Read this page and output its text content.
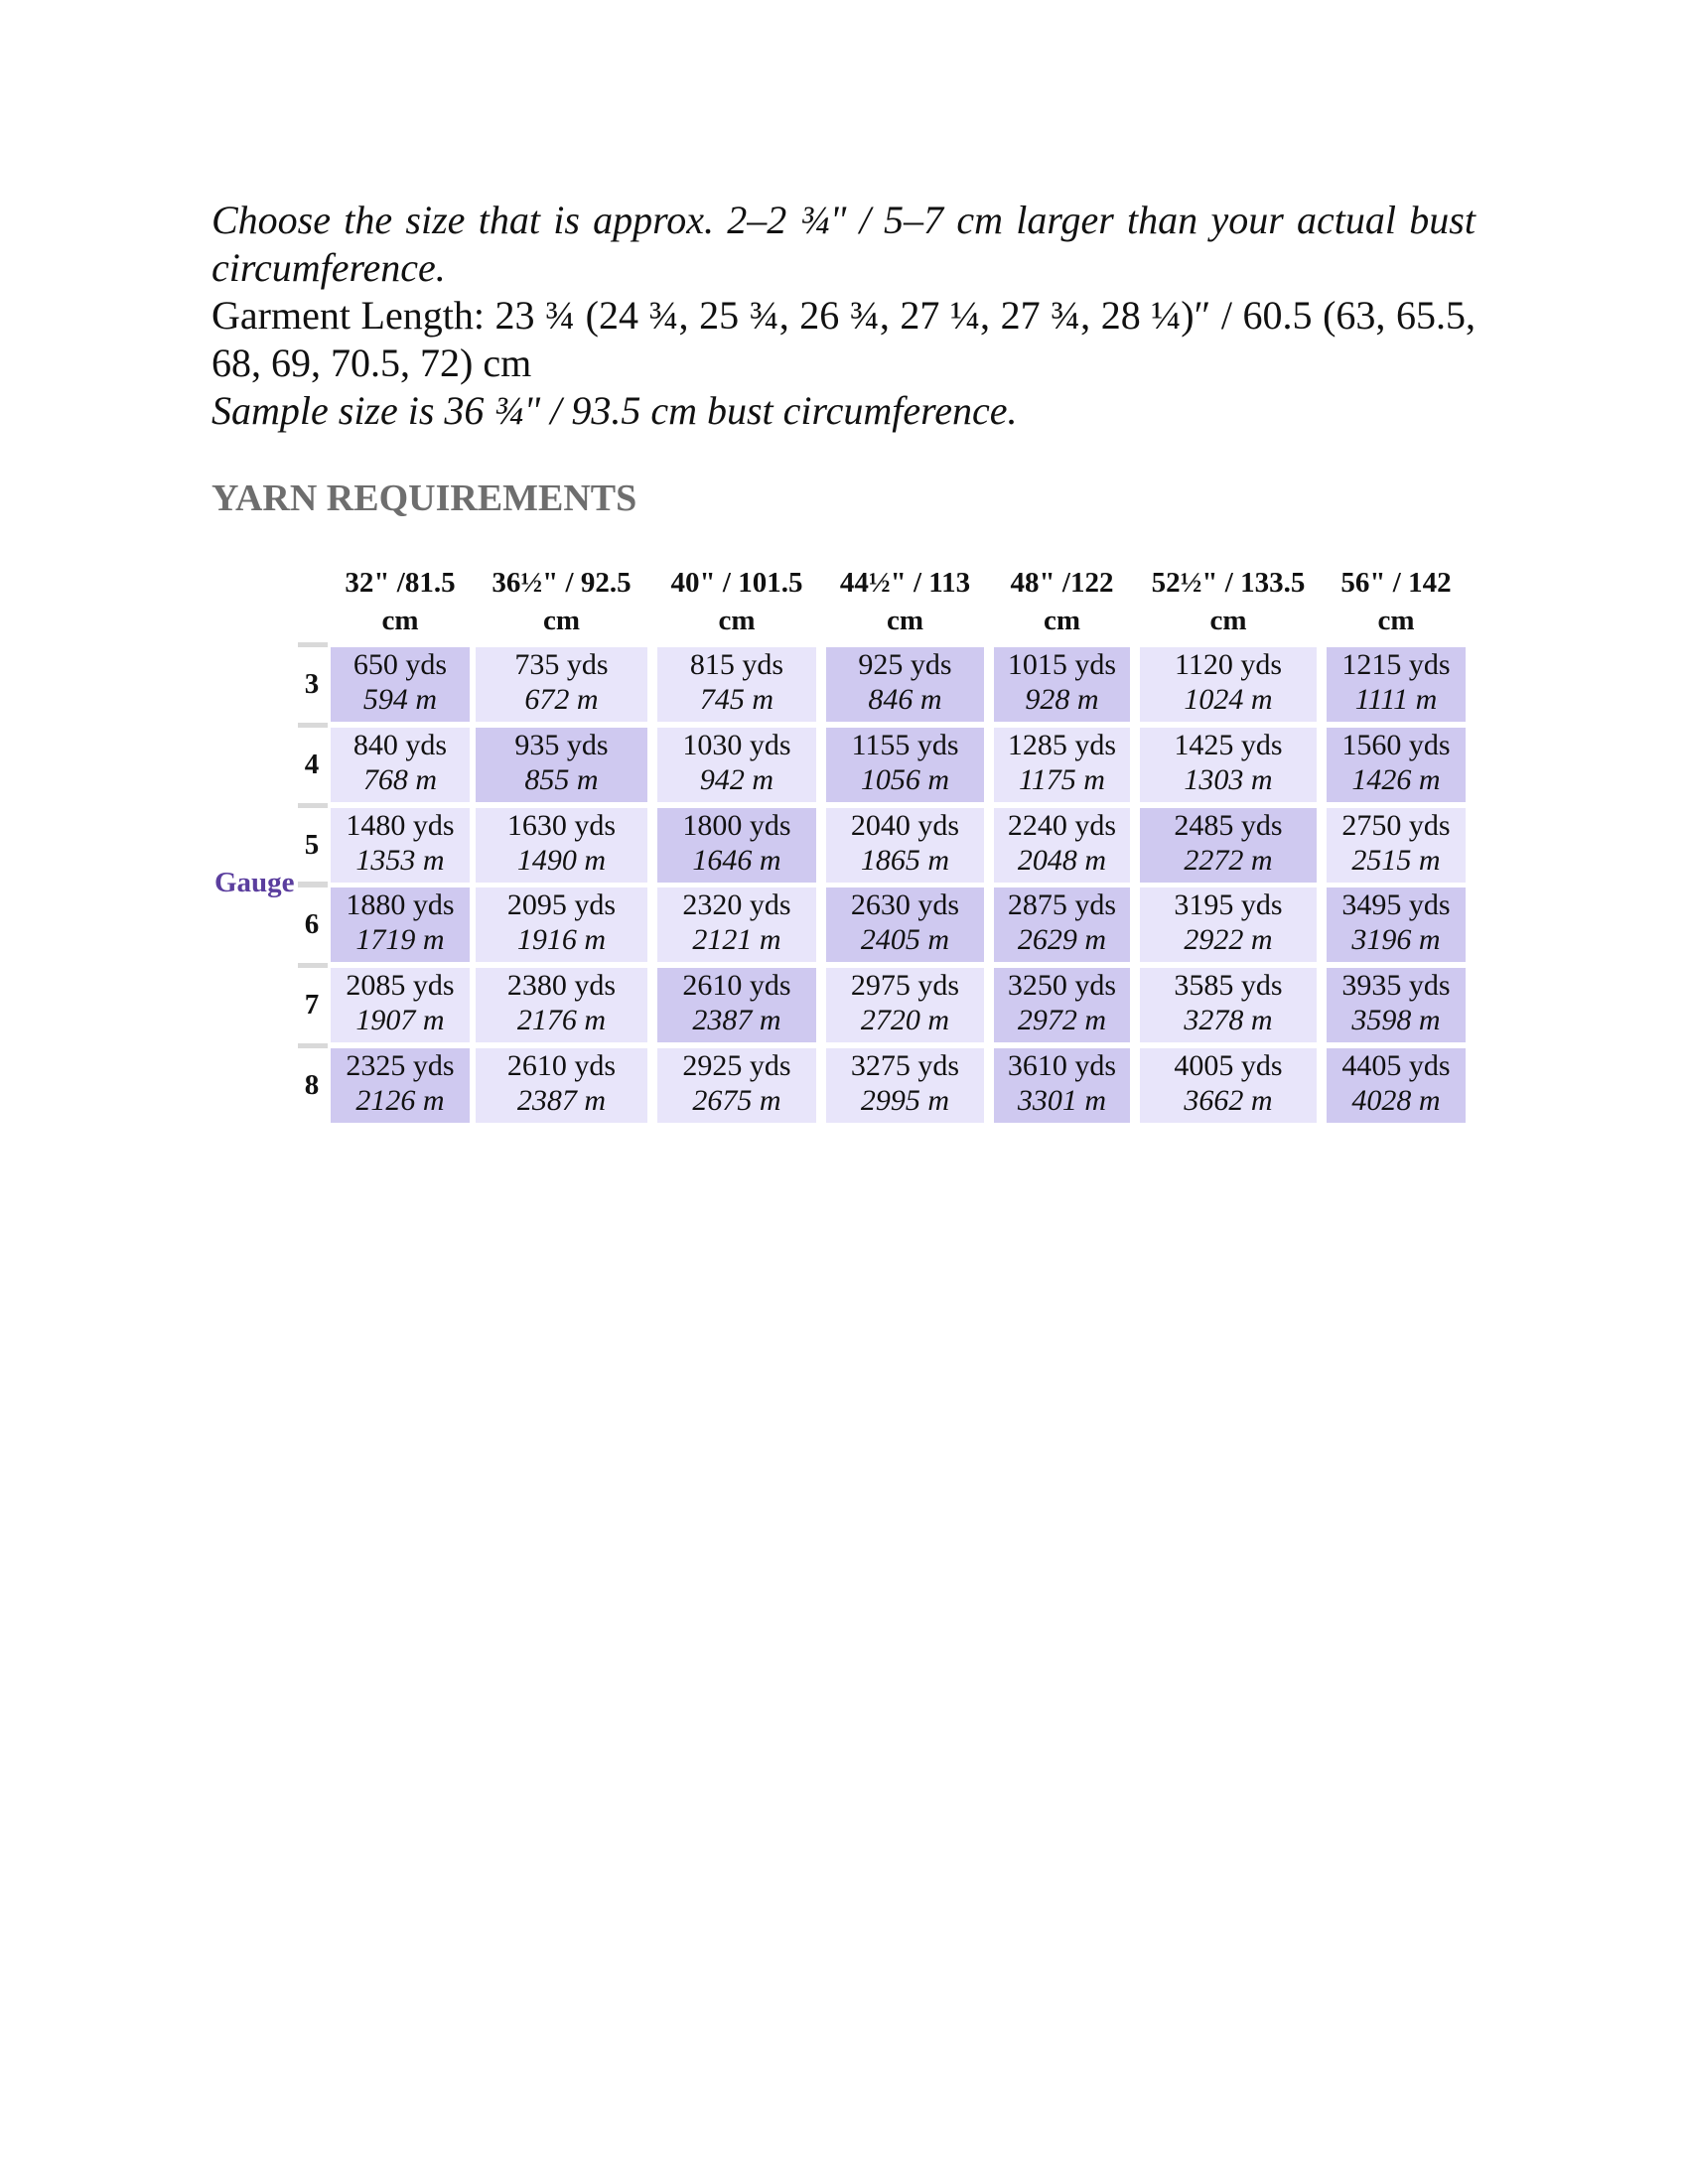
Choose the size that is approx. 2–2 ¾" / 5–7 cm larger than your actual bust circumference.

Garment Length: 23 ¾ (24 ¾, 25 ¾, 26 ¾, 27 ¼, 27 ¾, 28 ¼)″ / 60.5 (63, 65.5, 68, 69, 70.5, 72) cm

Sample size is 36 ¾" / 93.5 cm bust circumference.

YARN REQUIREMENTS
32" /81.5
cm
36½" / 92.5
cm
40" / 101.5
cm
44½" / 113
cm
48" /122
cm
52½" / 133.5
cm
56" / 142
cm
Gauge
3
650 yds
594 m
735 yds
672 m
815 yds
745 m
925 yds
846 m
1015 yds
928 m
1120 yds
1024 m
1215 yds
1111 m
4
840 yds
768 m
935 yds
855 m
1030 yds
942 m
1155 yds
1056 m
1285 yds
1175 m
1425 yds
1303 m
1560 yds
1426 m
5
1480 yds
1353 m
1630 yds
1490 m
1800 yds
1646 m
2040 yds
1865 m
2240 yds
2048 m
2485 yds
2272 m
2750 yds
2515 m
6
1880 yds
1719 m
2095 yds
1916 m
2320 yds
2121 m
2630 yds
2405 m
2875 yds
2629 m
3195 yds
2922 m
3495 yds
3196 m
7
2085 yds
1907 m
2380 yds
2176 m
2610 yds
2387 m
2975 yds
2720 m
3250 yds
2972 m
3585 yds
3278 m
3935 yds
3598 m
8
2325 yds
2126 m
2610 yds
2387 m
2925 yds
2675 m
3275 yds
2995 m
3610 yds
3301 m
4005 yds
3662 m
4405 yds
4028 m
